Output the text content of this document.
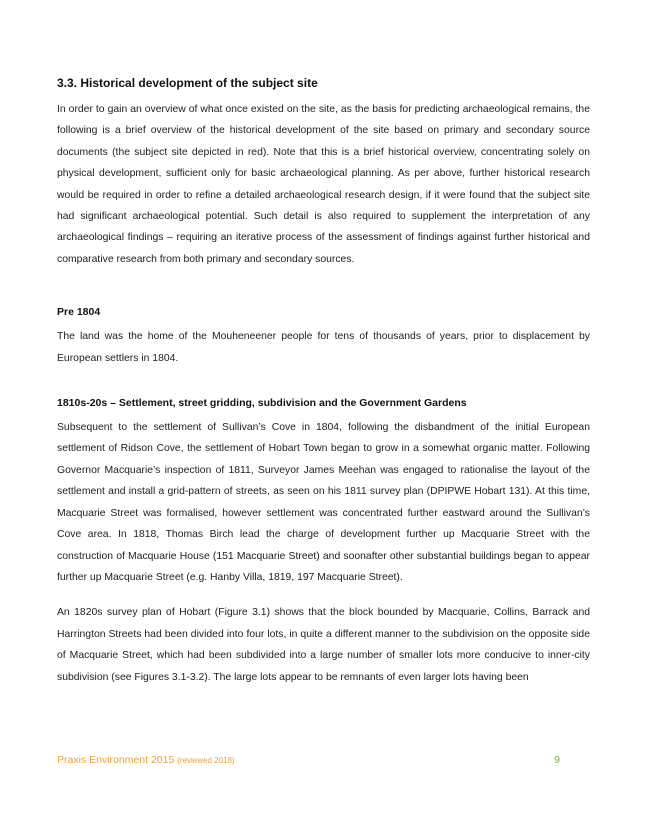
3.3. Historical development of the subject site

In order to gain an overview of what once existed on the site, as the basis for predicting archaeological remains, the following is a brief overview of the historical development of the site based on primary and secondary source documents (the subject site depicted in red). Note that this is a brief historical overview, concentrating solely on physical development, sufficient only for basic archaeological planning. As per above, further historical research would be required in order to refine a detailed archaeological research design, if it were found that the subject site had significant archaeological potential. Such detail is also required to supplement the interpretation of any archaeological findings – requiring an iterative process of the assessment of findings against further historical and comparative research from both primary and secondary sources.

Pre 1804

The land was the home of the Mouheneener people for tens of thousands of years, prior to displacement by European settlers in 1804.

1810s-20s – Settlement, street gridding, subdivision and the Government Gardens

Subsequent to the settlement of Sullivan’s Cove in 1804, following the disbandment of the initial European settlement of Ridson Cove, the settlement of Hobart Town began to grow in a somewhat organic matter. Following Governor Macquarie’s inspection of 1811, Surveyor James Meehan was engaged to rationalise the layout of the settlement and install a grid-pattern of streets, as seen on his 1811 survey plan (DPIPWE Hobart 131). At this time, Macquarie Street was formalised, however settlement was concentrated further eastward around the Sullivan’s Cove area. In 1818, Thomas Birch lead the charge of development further up Macquarie Street with the construction of Macquarie House (151 Macquarie Street) and soonafter other substantial buildings began to appear further up Macquarie Street (e.g. Hanby Villa, 1819, 197 Macquarie Street).

An 1820s survey plan of Hobart (Figure 3.1) shows that the block bounded by Macquarie, Collins, Barrack and Harrington Streets had been divided into four lots, in quite a different manner to the subdivision on the opposite side of Macquarie Street, which had been subdivided into a large number of smaller lots more conducive to inner-city subdivision (see Figures 3.1-3.2). The large lots appear to be remnants of even larger lots having been

Praxis Environment 2015 (reviewed 2018)	9
